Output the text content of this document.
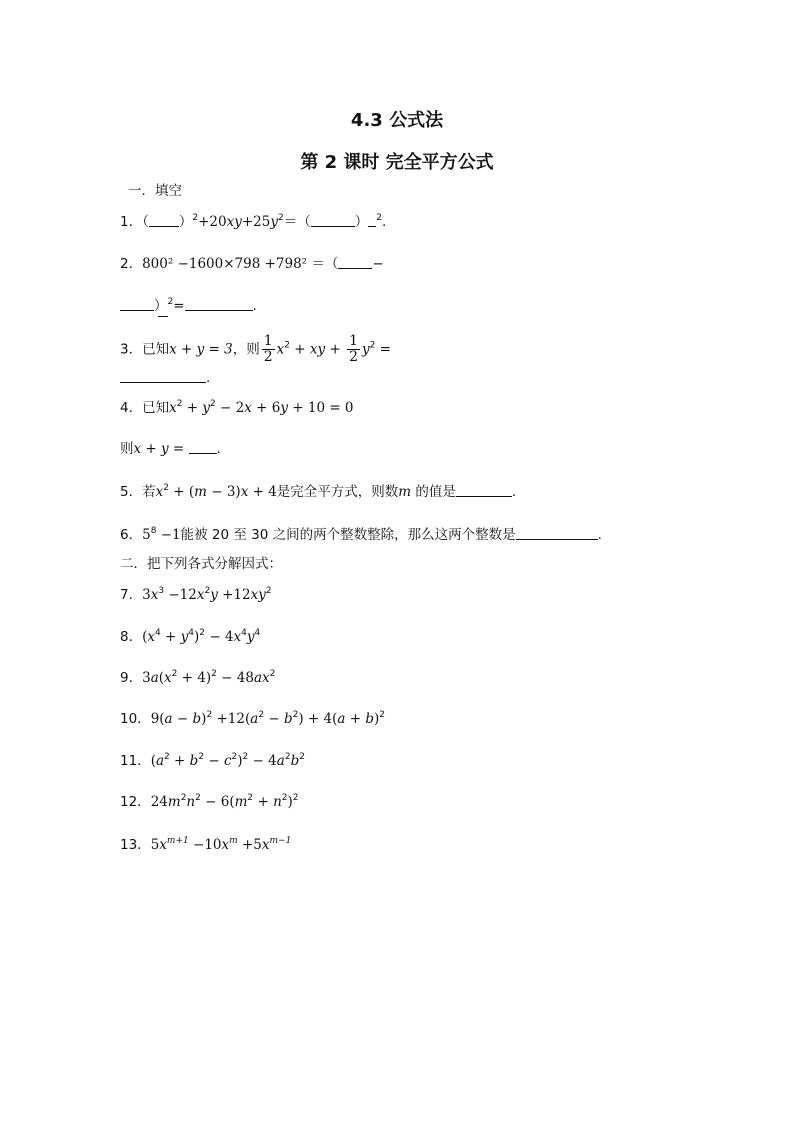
4.3 公式法
第 2 课时 完全平方公式
一．填空
1．（ ）$^2+20xy+25y^2=$（	） $^2$.
2．800² −1600×798 +798² ＝（	−
）$^2$=	.
3．已知x + y = 3，则 $\frac{1}{2} x^2$ + xy + $\frac{1}{2} y^2$ =
.
4．已知$x^2 + y^2 - 2x + 6y + 10 = 0$
则x + y = .
5．若$x^2 + (m - 3)x + 4$是完全平方式，则数m 的值是	.
6．$5^8 -1$能被 20 至 30 之间的两个整数整除，那么这两个整数是	.
二．把下列各式分解因式：
7．$3x^3 -12x^2y +12xy^2$
8．$(x^4 + y^4)^2 - 4x^4y^4$
9．$3a(x^2 + 4)^2 - 48ax^2$
10．$9(a - b)^2 +12(a^2 - b^2) + 4(a + b)^2$
11．$(a^2 + b^2 - c^2)^2 - 4a^2b^2$
12．$24m^2n^2 - 6(m^2 + n^2)^2$
13．$5x^{m+1} -10x^m +5x^{m-1}$
